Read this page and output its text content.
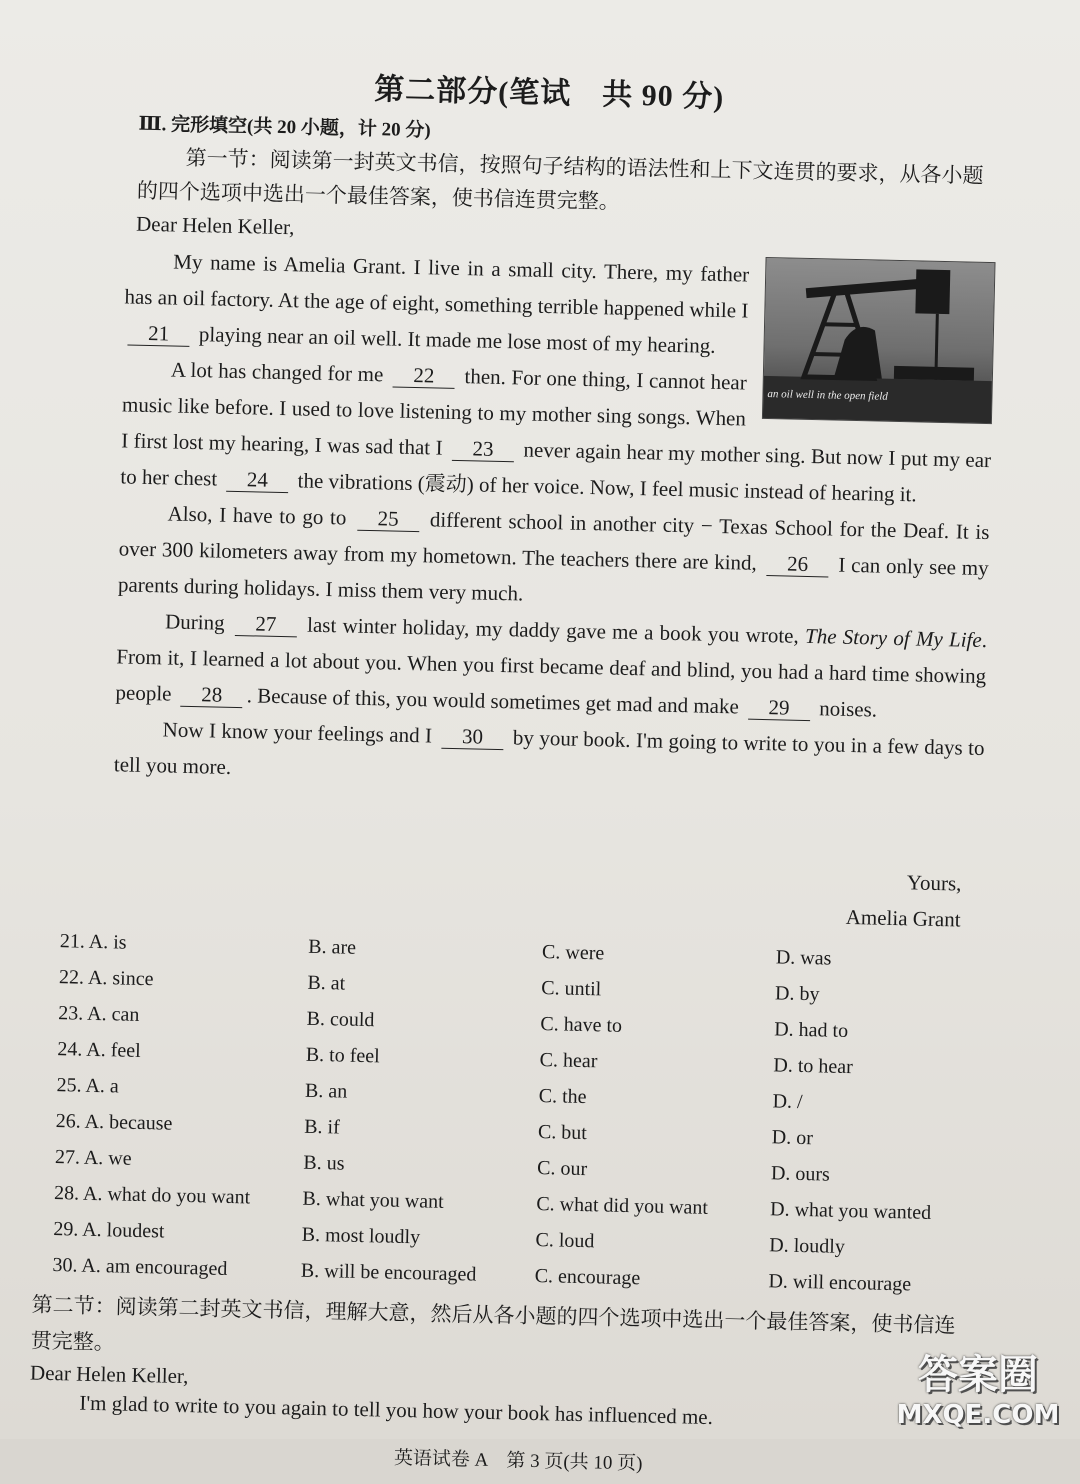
第二部分(笔试　共 90 分)
Ⅲ. 完形填空(共 20 小题，计 20 分)
第一节：阅读第一封英文书信，按照句子结构的语法性和上下文连贯的要求，从各小题的四个选项中选出一个最佳答案，使书信连贯完整。
Dear Helen Keller,
an oil well in the open field

My name is Amelia Grant. I live in a small city. There, my father has an oil factory. At the age of eight, something terrible happened while I 21 playing near an oil well. It made me lose most of my hearing.

A lot has changed for me 22 then. For one thing, I cannot hear music like before. I used to love listening to my mother sing songs. When I first lost my hearing, I was sad that I 23 never again hear my mother sing. But now I put my ear to her chest 24 the vibrations (震动) of her voice. Now, I feel music instead of hearing it.

Also, I have to go to 25 different school in another city − Texas School for the Deaf. It is over 300 kilometers away from my hometown. The teachers there are kind, 26 I can only see my parents during holidays. I miss them very much.

During 27 last winter holiday, my daddy gave me a book you wrote, The Story of My Life. From it, I learned a lot about you. When you first became deaf and blind, you had a hard time showing people 28 . Because of this, you would sometimes get mad and make 29 noises.

Now I know your feelings and I 30 by your book. I'm going to write to you in a few days to tell you more.

Yours,
Amelia Grant
21. A. is	B. are	C. were	D. was
22. A. since	B. at	C. until	D. by
23. A. can	B. could	C. have to	D. had to
24. A. feel	B. to feel	C. hear	D. to hear
25. A. a	B. an	C. the	D. /
26. A. because	B. if	C. but	D. or
27. A. we	B. us	C. our	D. ours
28. A. what do you want	B. what you want	C. what did you want	D. what you wanted
29. A. loudest	B. most loudly	C. loud	D. loudly
30. A. am encouraged	B. will be encouraged	C. encourage	D. will encourage
第二节：阅读第二封英文书信，理解大意，然后从各小题的四个选项中选出一个最佳答案，使书信连贯完整。
Dear Helen Keller,
I'm glad to write to you again to tell you how your book has influenced me.
英语试卷 A　第 3 页(共 10 页)
答案圈
MXQE.COM
